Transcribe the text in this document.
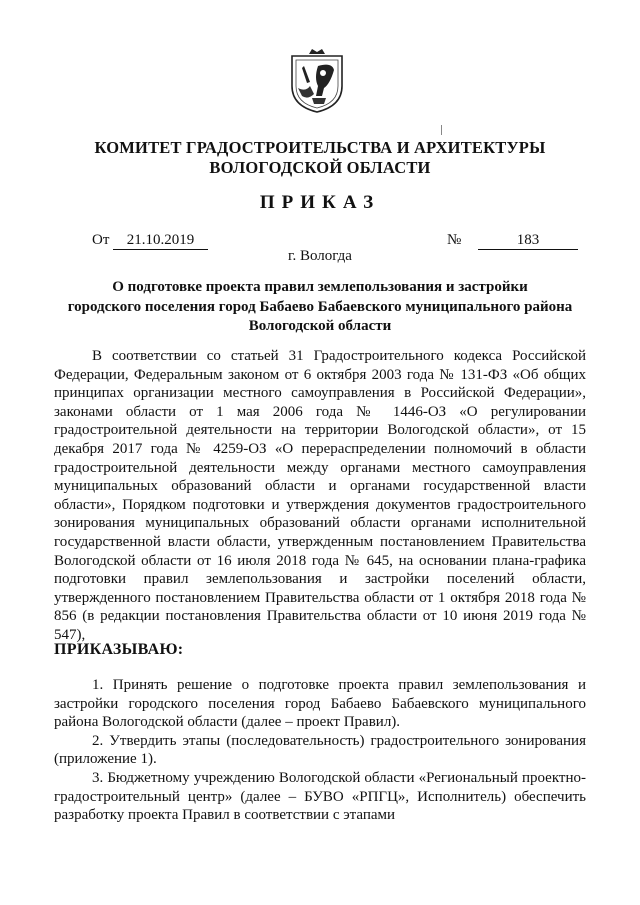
КОМИТЕТ ГРАДОСТРОИТЕЛЬСТВА И АРХИТЕКТУРЫ
ВОЛОГОДСКОЙ ОБЛАСТИ
ПРИКАЗ
От	21.10.2019	№	183
г. Вологда
О подготовке проекта правил землепользования и застройки
городского поселения город Бабаево Бабаевского муниципального района
Вологодской области
В соответствии со статьей 31 Градостроительного кодекса Российской Федерации, Федеральным законом от 6 октября 2003 года № 131-ФЗ «Об общих принципах организации местного самоуправления в Российской Федерации», законами области от 1 мая 2006 года № 1446-ОЗ «О регулировании градостроительной деятельности на территории Вологодской области», от 15 декабря 2017 года № 4259-ОЗ «О перераспределении полномочий в области градостроительной деятельности между органами местного самоуправления муниципальных образований области и органами государственной власти области», Порядком подготовки и утверждения документов градостроительного зонирования муниципальных образований области органами исполнительной государственной власти области, утвержденным постановлением Правительства Вологодской области от 16 июля 2018 года № 645, на основании плана-графика подготовки правил землепользования и застройки поселений области, утвержденного постановлением Правительства области от 1 октября 2018 года № 856 (в редакции постановления Правительства области от 10 июня 2019 года № 547),
ПРИКАЗЫВАЮ:

1. Принять решение о подготовке проекта правил землепользования и застройки городского поселения город Бабаево Бабаевского муниципального района Вологодской области (далее – проект Правил).

2. Утвердить этапы (последовательность) градостроительного зонирования (приложение 1).

3. Бюджетному учреждению Вологодской области «Региональный проектно-градостроительный центр» (далее – БУВО «РПГЦ», Исполнитель) обеспечить разработку проекта Правил в соответствии с этапами
